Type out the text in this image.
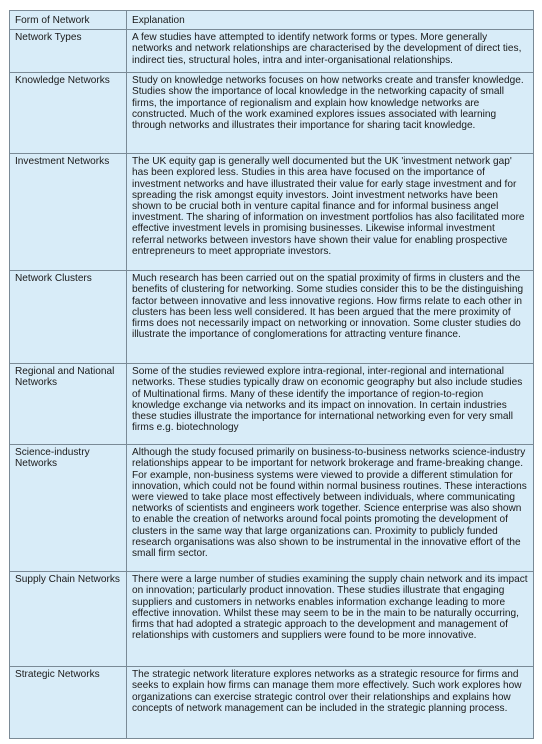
Form of Network	Explanation
Network Types	A few studies have attempted to identify network forms or types. More generally networks and network relationships are characterised by the development of direct ties, indirect ties, structural holes, intra and inter-organisational relationships.
Knowledge Networks	Study on knowledge networks focuses on how networks create and transfer knowledge. Studies show the importance of local knowledge in the networking capacity of small firms, the importance of regionalism and explain how knowledge networks are constructed. Much of the work examined explores issues associated with learning through networks and illustrates their importance for sharing tacit knowledge.
Investment Networks	The UK equity gap is generally well documented but the UK 'investment network gap' has been explored less. Studies in this area have focused on the importance of investment networks and have illustrated their value for early stage investment and for spreading the risk amongst equity investors. Joint investment networks have been shown to be crucial both in venture capital finance and for informal business angel investment. The sharing of information on investment portfolios has also facilitated more effective investment levels in promising businesses. Likewise informal investment referral networks between investors have shown their value for enabling prospective entrepreneurs to meet appropriate investors.
Network Clusters	Much research has been carried out on the spatial proximity of firms in clusters and the benefits of clustering for networking. Some studies consider this to be the distinguishing factor between innovative and less innovative regions. How firms relate to each other in clusters has been less well considered. It has been argued that the mere proximity of firms does not necessarily impact on networking or innovation. Some cluster studies do illustrate the importance of conglomerations for attracting venture finance.
Regional and National Networks	Some of the studies reviewed explore intra-regional, inter-regional and international networks. These studies typically draw on economic geography but also include studies of Multinational firms. Many of these identify the importance of region-to-region knowledge exchange via networks and its impact on innovation. In certain industries these studies illustrate the importance for international networking even for very small firms e.g. biotechnology
Science-industry Networks	Although the study focused primarily on business-to-business networks science-industry relationships appear to be important for network brokerage and frame-breaking change. For example, non-business systems were viewed to provide a different stimulation for innovation, which could not be found within normal business routines. These interactions were viewed to take place most effectively between individuals, where communicating networks of scientists and engineers work together. Science enterprise was also shown to enable the creation of networks around focal points promoting the development of clusters in the same way that large organizations can. Proximity to publicly funded research organisations was also shown to be instrumental in the innovative effort of the small firm sector.
Supply Chain Networks	There were a large number of studies examining the supply chain network and its impact on innovation; particularly product innovation. These studies illustrate that engaging suppliers and customers in networks enables information exchange leading to more effective innovation. Whilst these may seem to be in the main to be naturally occurring, firms that had adopted a strategic approach to the development and management of relationships with customers and suppliers were found to be more innovative.
Strategic Networks	The strategic network literature explores networks as a strategic resource for firms and seeks to explain how firms can manage them more effectively. Such work explores how organizations can exercise strategic control over their relationships and explains how concepts of network management can be included in the strategic planning process.
